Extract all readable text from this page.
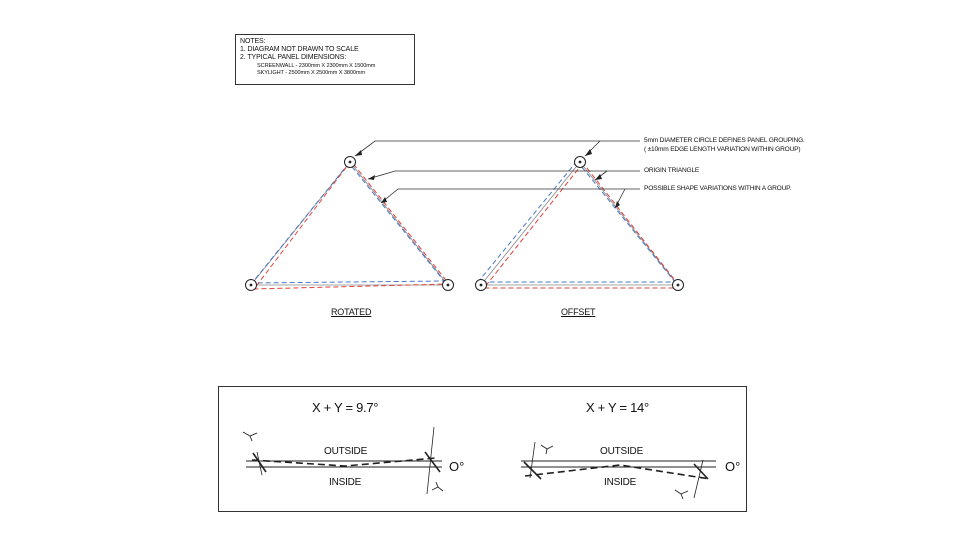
NOTES:
1. DIAGRAM NOT DRAWN TO SCALE
2. TYPICAL PANEL DIMENSIONS:
SCREENWALL - 2300mm X 2300mm X 1500mm
SKYLIGHT - 2500mm X 2500mm X 3800mm
ROTATED	OFFSET
5mm DIAMETER CIRCLE DEFINES PANEL GROUPING.
( ±10mm EDGE LENGTH VARIATION WITHIN GROUP)
ORIGIN TRIANGLE
POSSIBLE SHAPE VARIATIONS WITHIN A GROUP.
X + Y = 9.7°
OUTSIDE
INSIDE
O°
X + Y = 14°
OUTSIDE
INSIDE
O°
